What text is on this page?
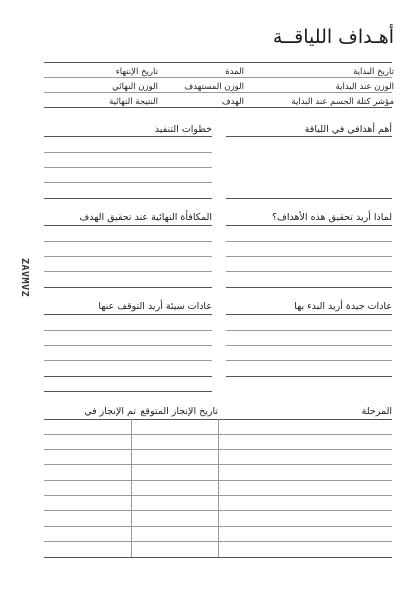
أهـداف اللياقــة
تاريخ البداية
المدة
تاريخ الإنتهاء
الوزن عند البداية
الوزن المستهدف
الوزن النهائي
مؤشر كتلة الجسم عند البداية
الهدف
النتيجة النهائية
أهم أهدافي في اللياقة
خطوات التنفيذ
لماذا أريد تحقيق هذه الأهداف؟
المكافأة النهائية عند تحقيق الهدف
عادات جيدة أريد البدء بها
عادات سيئة أريد التوقف عنها
المرحلة
تاريخ الإنجاز المتوقع
تم الإنجاز في
ZAVMVZ
